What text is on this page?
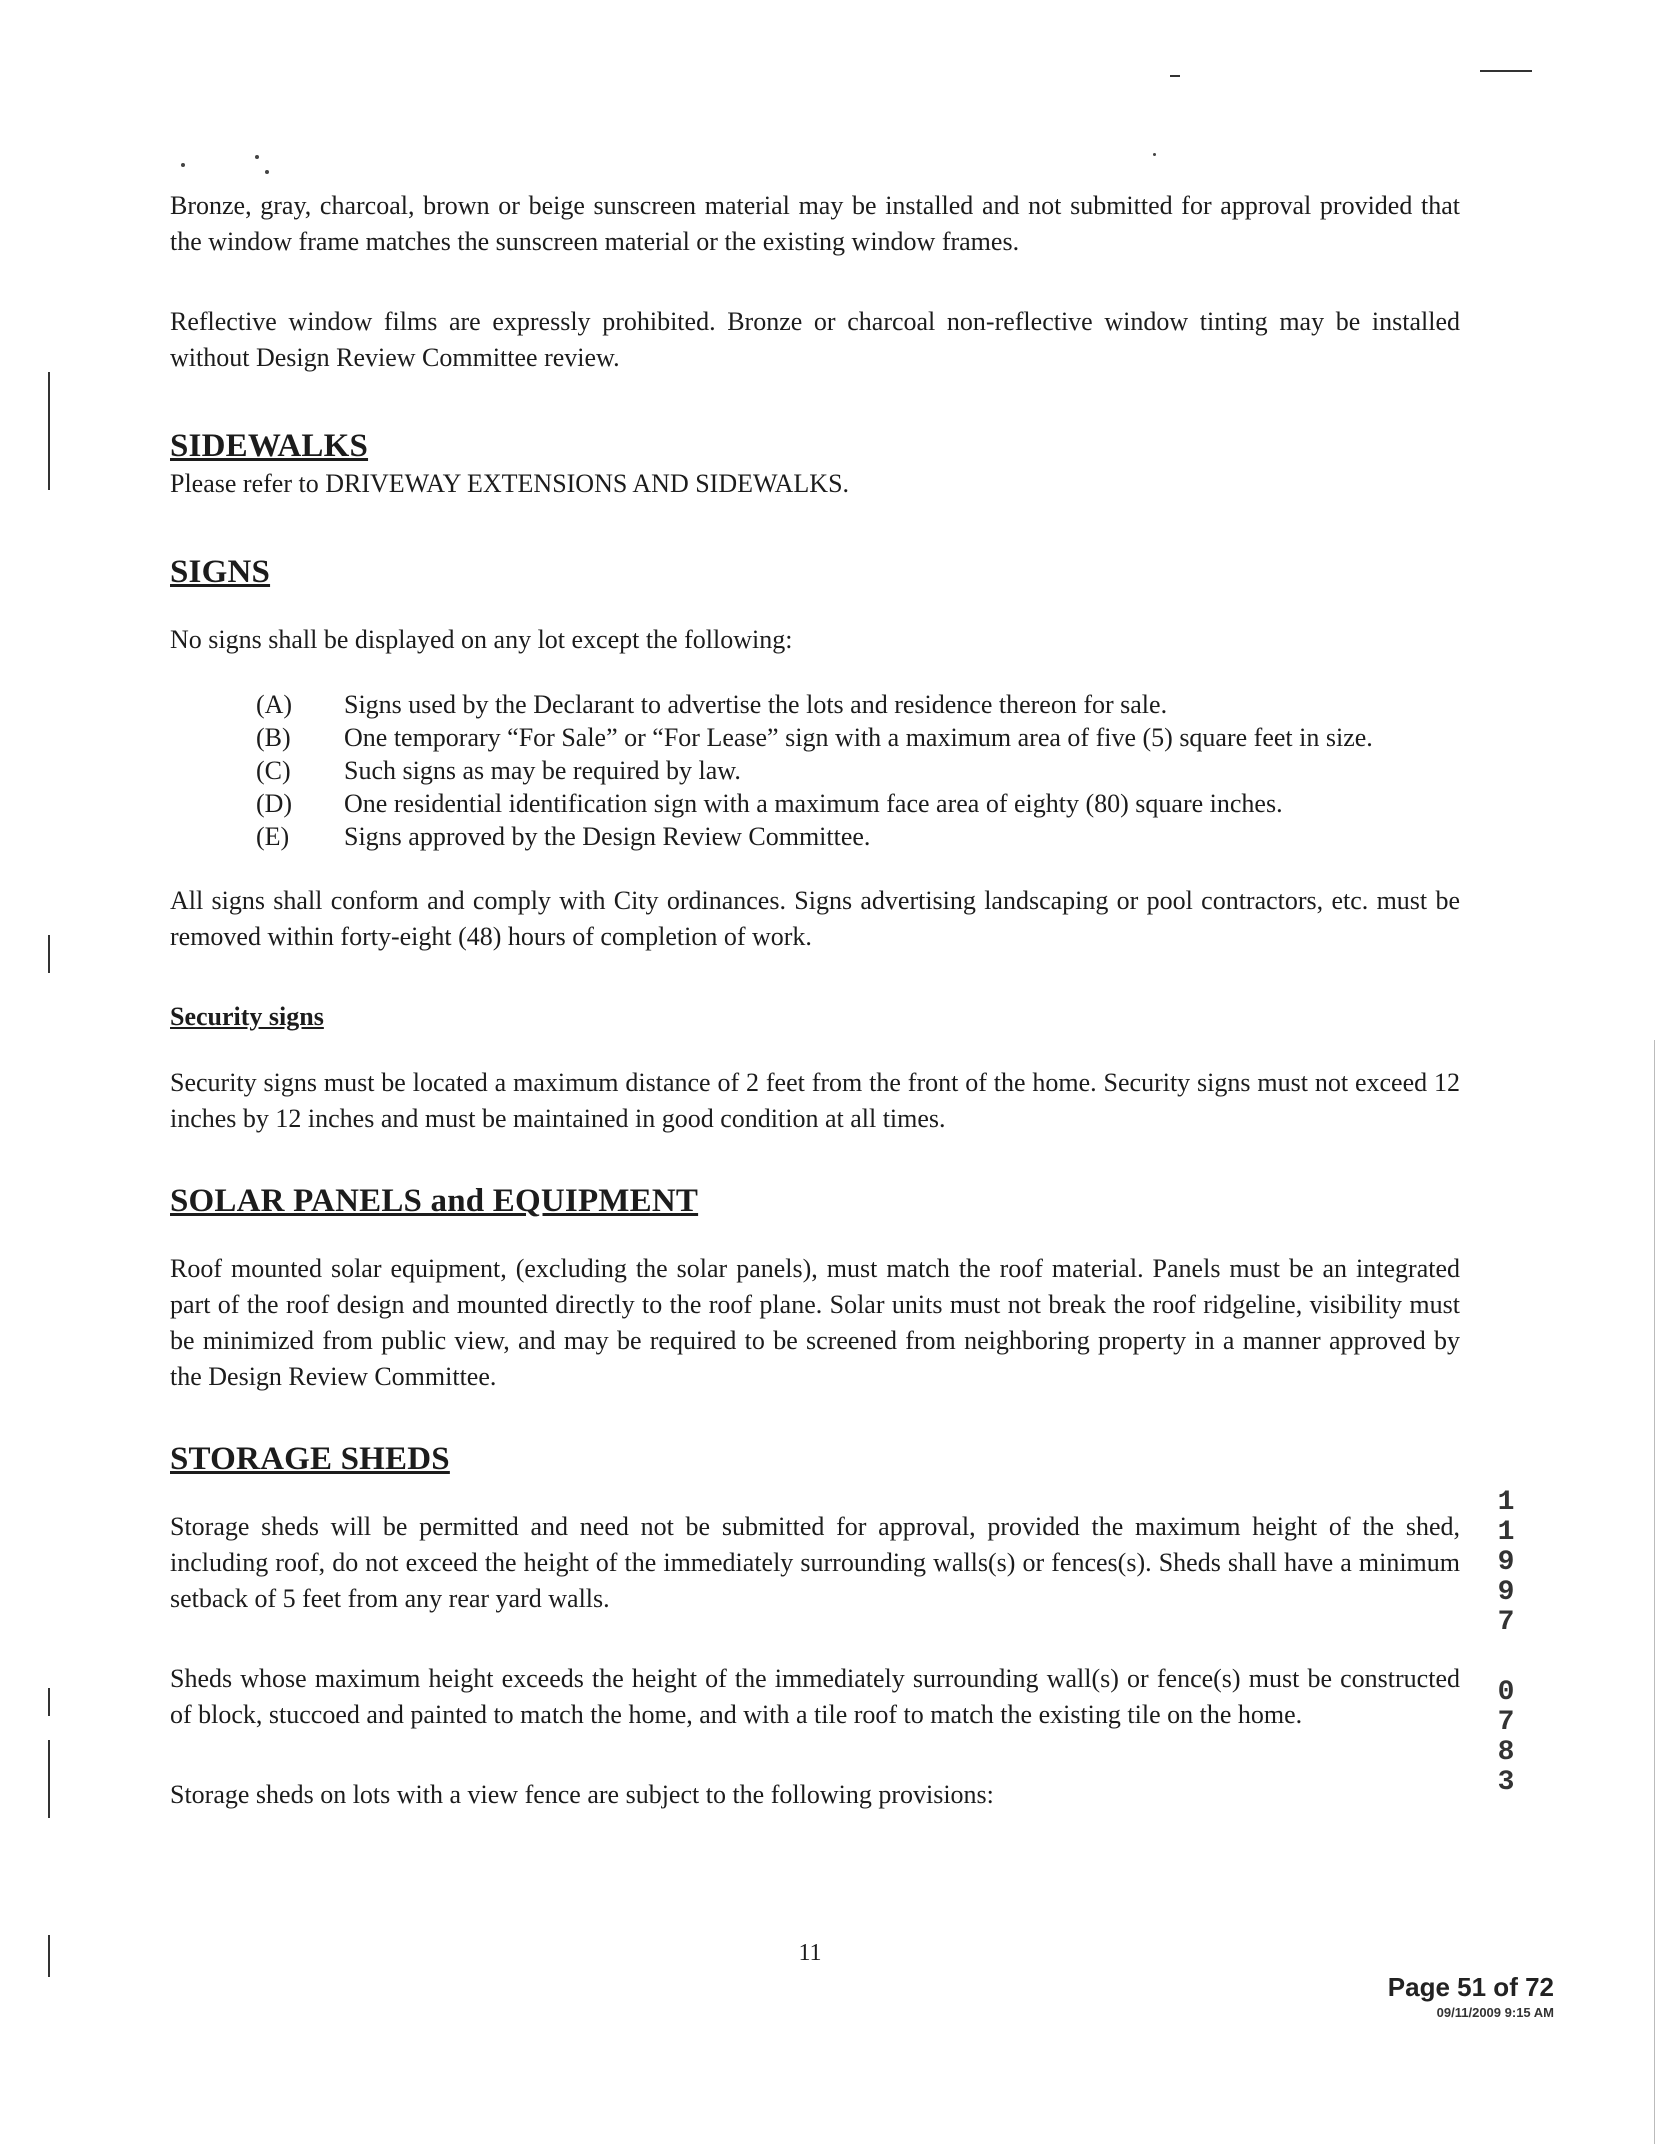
Bronze, gray, charcoal, brown or beige sunscreen material may be installed and not submitted for approval provided that the window frame matches the sunscreen material or the existing window frames.

Reflective window films are expressly prohibited. Bronze or charcoal non-reflective window tinting may be installed without Design Review Committee review.

SIDEWALKS

Please refer to DRIVEWAY EXTENSIONS AND SIDEWALKS.

SIGNS

No signs shall be displayed on any lot except the following:

(A)	Signs used by the Declarant to advertise the lots and residence thereon for sale.
(B)	One temporary “For Sale” or “For Lease” sign with a maximum area of five (5) square feet in size.
(C)	Such signs as may be required by law.
(D)	One residential identification sign with a maximum face area of eighty (80) square inches.
(E)	Signs approved by the Design Review Committee.

All signs shall conform and comply with City ordinances. Signs advertising landscaping or pool contractors, etc. must be removed within forty-eight (48) hours of completion of work.

Security signs

Security signs must be located a maximum distance of 2 feet from the front of the home. Security signs must not exceed 12 inches by 12 inches and must be maintained in good condition at all times.

SOLAR PANELS and EQUIPMENT

Roof mounted solar equipment, (excluding the solar panels), must match the roof material. Panels must be an integrated part of the roof design and mounted directly to the roof plane. Solar units must not break the roof ridgeline, visibility must be minimized from public view, and may be required to be screened from neighboring property in a manner approved by the Design Review Committee.

STORAGE SHEDS

Storage sheds will be permitted and need not be submitted for approval, provided the maximum height of the shed, including roof, do not exceed the height of the immediately surrounding walls(s) or fences(s). Sheds shall have a minimum setback of 5 feet from any rear yard walls.

Sheds whose maximum height exceeds the height of the immediately surrounding wall(s) or fence(s) must be constructed of block, stuccoed and painted to match the home, and with a tile roof to match the existing tile on the home.

Storage sheds on lots with a view fence are subject to the following provisions:

1
1
9
9
7
0
7
8
3
11
Page 51 of 72
09/11/2009 9:15 AM
